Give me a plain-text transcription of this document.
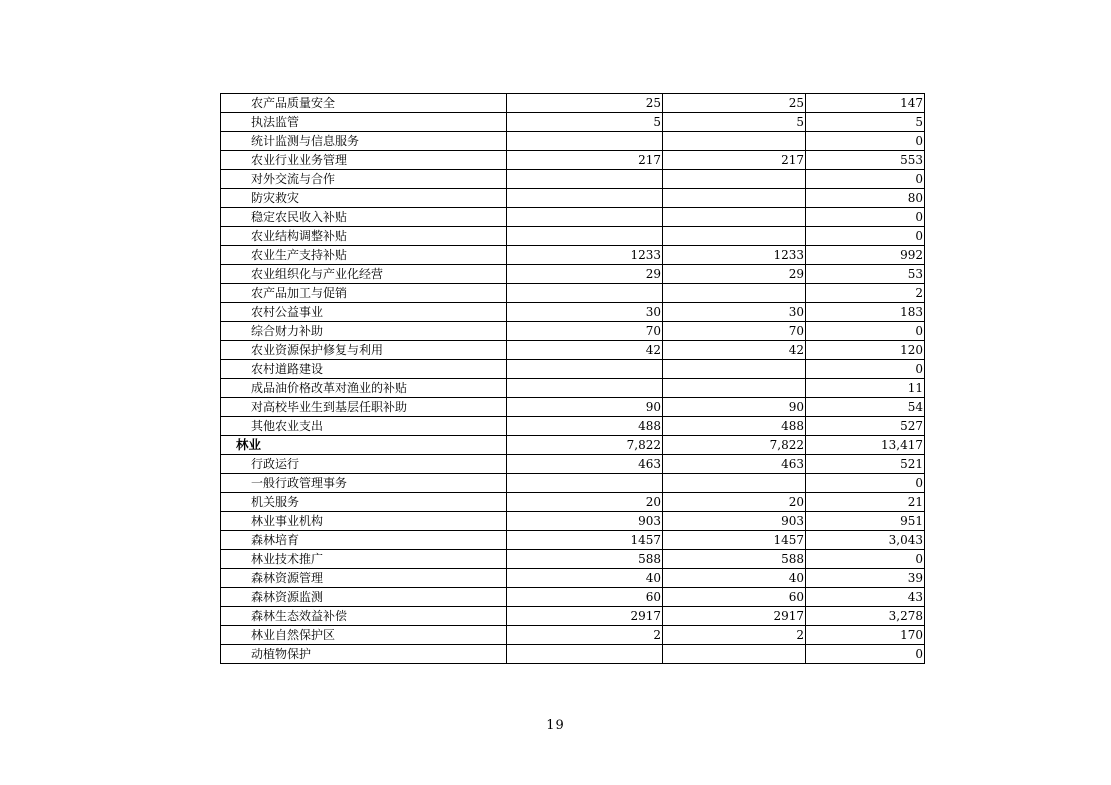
农产品质量安全	25	25	147
执法监管	5	5	5
统计监测与信息服务			0
农业行业业务管理	217	217	553
对外交流与合作			0
防灾救灾			80
稳定农民收入补贴			0
农业结构调整补贴			0
农业生产支持补贴	1233	1233	992
农业组织化与产业化经营	29	29	53
农产品加工与促销			2
农村公益事业	30	30	183
综合财力补助	70	70	0
农业资源保护修复与利用	42	42	120
农村道路建设			0
成品油价格改革对渔业的补贴			11
对高校毕业生到基层任职补助	90	90	54
其他农业支出	488	488	527
林业	7,822	7,822	13,417
行政运行	463	463	521
一般行政管理事务			0
机关服务	20	20	21
林业事业机构	903	903	951
森林培育	1457	1457	3,043
林业技术推广	588	588	0
森林资源管理	40	40	39
森林资源监测	60	60	43
森林生态效益补偿	2917	2917	3,278
林业自然保护区	2	2	170
动植物保护			0
19
